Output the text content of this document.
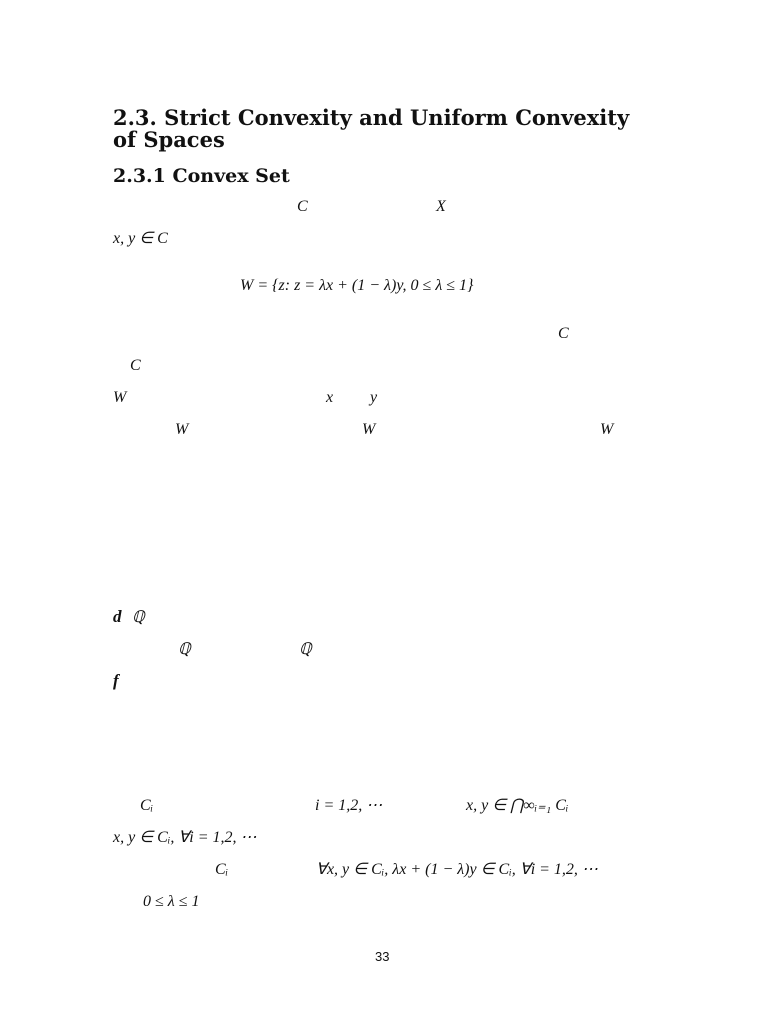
2.3. Strict Convexity and Uniform Convexity
of Spaces
2.3.1 Convex Set
C	X
x, y ∈ C
W = {z: z = λx + (1 − λ)y, 0 ≤ λ ≤ 1}
C
C
W	x y
W	W	W
d ℚ
ℚ	ℚ
f
Cᵢ	i = 1,2, ⋯	x, y ∈ ⋂∞ᵢ₌₁ Cᵢ
x, y ∈ Cᵢ, ∀i = 1,2, ⋯
Cᵢ	∀x, y ∈ Cᵢ, λx + (1 − λ)y ∈ Cᵢ, ∀i = 1,2, ⋯
0 ≤ λ ≤ 1
33
